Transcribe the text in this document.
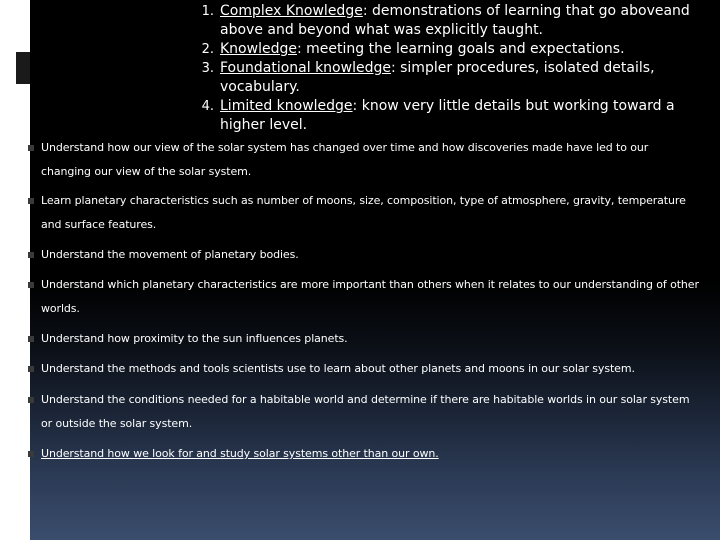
1. Complex Knowledge: demonstrations of learning that go aboveand above and beyond what was explicitly taught.
2. Knowledge: meeting the learning goals and expectations.
3. Foundational knowledge: simpler procedures, isolated details, vocabulary.
4. Limited knowledge: know very little details but working toward a higher level.
Understand how our view of the solar system has changed over time and how discoveries made have led to our changing our view of the solar system.
Learn planetary characteristics such as number of moons, size, composition, type of atmosphere, gravity, temperature and surface features.
Understand the movement of planetary bodies.
Understand which planetary characteristics are more important than others when it relates to our understanding of other worlds.
Understand how proximity to the sun influences planets.
Understand the methods and tools scientists use to learn about other planets and moons in our solar system.
Understand the conditions needed for a habitable world and determine if there are habitable worlds in our solar system or outside the solar system.
Understand how we look for and study solar systems other than our own.
